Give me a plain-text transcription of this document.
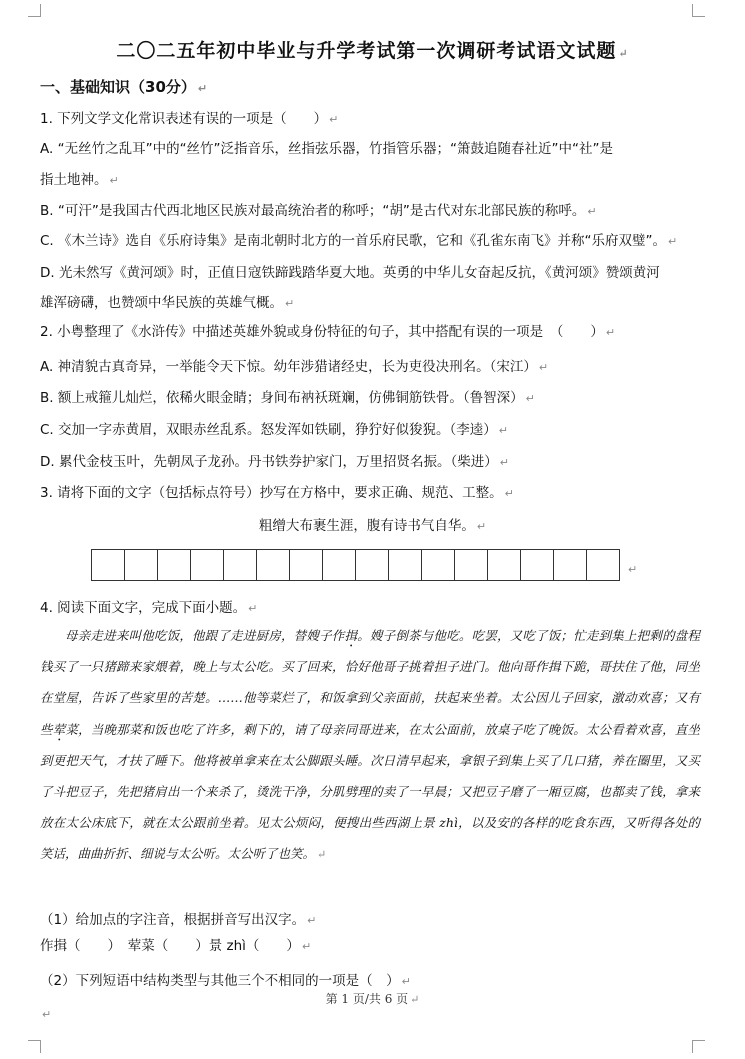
二〇二五年初中毕业与升学考试第一次调研考试语文试题 ↵
一、基础知识（30分） ↵
1. 下列文学文化常识表述有误的一项是（　　） ↵
A. “无丝竹之乱耳”中的“丝竹”泛指音乐，丝指弦乐器，竹指管乐器；“箫鼓追随春社近”中“社”是
指土地神。 ↵
B. “可汗”是我国古代西北地区民族对最高统治者的称呼；“胡”是古代对东北部民族的称呼。 ↵
C. 《木兰诗》选自《乐府诗集》是南北朝时北方的一首乐府民歌，它和《孔雀东南飞》并称“乐府双璧”。 ↵
D. 光未然写《黄河颂》时，正值日寇铁蹄践踏华夏大地。英勇的中华儿女奋起反抗，《黄河颂》赞颂黄河
雄浑磅礴，也赞颂中华民族的英雄气概。 ↵
2. 小粤整理了《水浒传》中描述英雄外貌或身份特征的句子，其中搭配有误的一项是　（　　） ↵
A. 神清貌古真奇异，一举能令天下惊。幼年涉猎诸经史，长为吏役决刑名。（宋江） ↵
B. 额上戒箍儿灿烂，依稀火眼金睛；身间布衲袄斑斓，仿佛铜筋铁骨。（鲁智深） ↵
C. 交加一字赤黄眉，双眼赤丝乱系。怒发浑如铁刷，狰狞好似狻猊。（李逵） ↵
D. 累代金枝玉叶，先朝凤子龙孙。丹书铁券护家门，万里招贤名振。（柴进） ↵
3. 请将下面的文字（包括标点符号）抄写在方格中，要求正确、规范、工整。 ↵
粗缯大布裹生涯，腹有诗书气自华。 ↵
↵
4. 阅读下面文字，完成下面小题。 ↵
母亲走进来叫他吃饭，他跟了走进厨房，替嫂子作揖。嫂子倒茶与他吃。吃罢，又吃了饭；忙走到集上把剩的盘程钱买了一只猪蹄来家煨着，晚上与太公吃。买了回来，恰好他哥子挑着担子进门。他向哥作揖下跪，哥扶住了他，同坐在堂屋，告诉了些家里的苦楚。……他等菜烂了，和饭拿到父亲面前，扶起来坐着。太公因儿子回家，激动欢喜；又有些荤菜，当晚那菜和饭也吃了许多，剩下的，请了母亲同哥进来，在太公面前，放桌子吃了晚饭。太公看着欢喜，直坐到更把天气，才扶了睡下。他将被单拿来在太公脚跟头睡。次日清早起来，拿银子到集上买了几口猪，养在圈里，又买了斗把豆子，先把猪肩出一个来杀了，烫洗干净，分肌劈理的卖了一早晨；又把豆子磨了一厢豆腐，也都卖了钱，拿来放在太公床底下，就在太公跟前坐着。见太公烦闷，便搜出些西湖上景 zhì，以及安的各样的吃食东西，又听得各处的笑话，曲曲折折、细说与太公听。太公听了也笑。 ↵
（1）给加点的字注音，根据拼音写出汉字。 ↵
作揖（　　）　荤菜（　　）景 zhì（　　） ↵
（2）下列短语中结构类型与其他三个不相同的一项是（　） ↵
第 1 页/共 6 页 ↵
↵
